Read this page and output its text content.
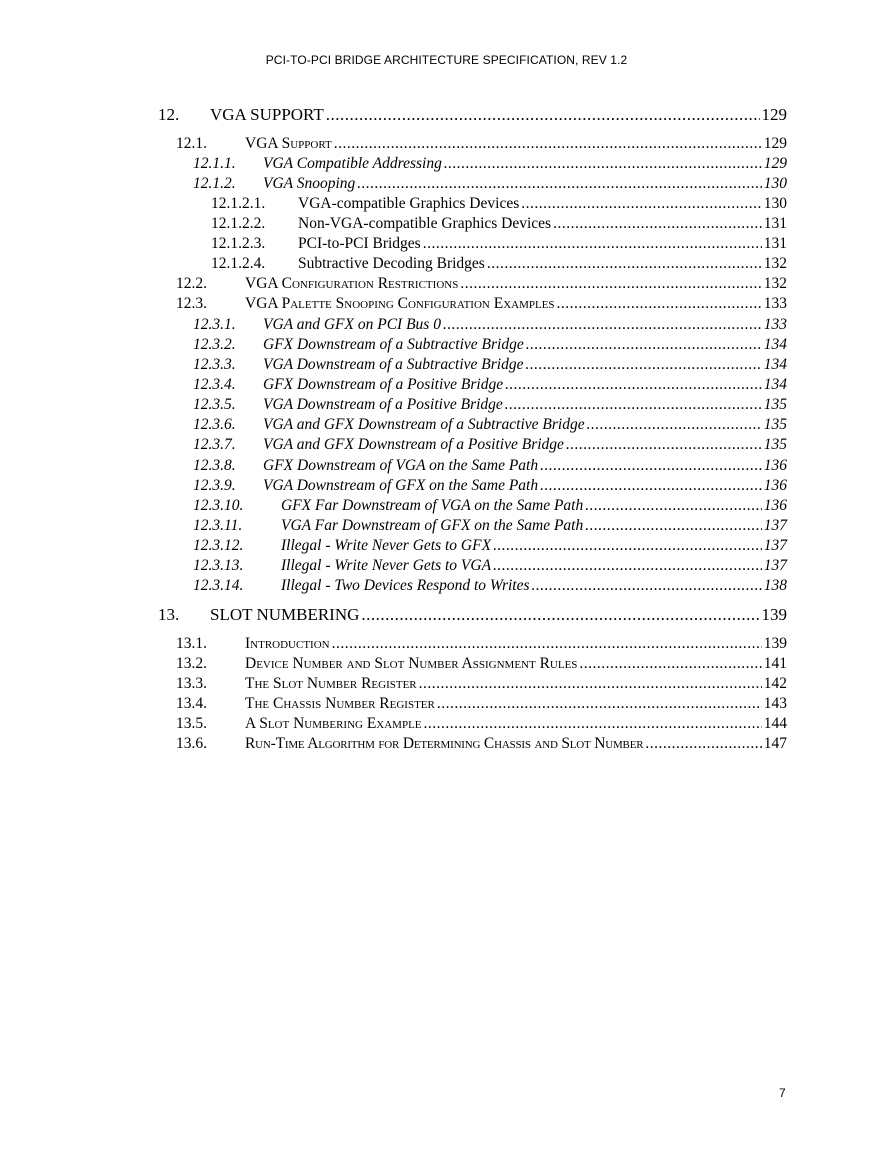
PCI-TO-PCI BRIDGE ARCHITECTURE SPECIFICATION, REV 1.2
12.	VGA SUPPORT .....	129
12.1.	VGA Support .....	129
12.1.1.	VGA Compatible Addressing .....	129
12.1.2.	VGA Snooping .....	130
12.1.2.1.	VGA-compatible Graphics Devices .....	130
12.1.2.2.	Non-VGA-compatible Graphics Devices .....	131
12.1.2.3.	PCI-to-PCI Bridges .....	131
12.1.2.4.	Subtractive Decoding Bridges .....	132
12.2.	VGA Configuration Restrictions .....	132
12.3.	VGA Palette Snooping Configuration Examples .....	133
12.3.1.	VGA and GFX on PCI Bus 0 .....	133
12.3.2.	GFX Downstream of a Subtractive Bridge .....	134
12.3.3.	VGA Downstream of a Subtractive Bridge .....	134
12.3.4.	GFX Downstream of a Positive Bridge .....	134
12.3.5.	VGA Downstream of a Positive Bridge .....	135
12.3.6.	VGA and GFX Downstream of a Subtractive Bridge .....	135
12.3.7.	VGA and GFX Downstream of a Positive Bridge .....	135
12.3.8.	GFX Downstream of VGA on the Same Path .....	136
12.3.9.	VGA Downstream of GFX on the Same Path .....	136
12.3.10.	GFX Far Downstream of VGA on the Same Path .....	136
12.3.11.	VGA Far Downstream of GFX on the Same Path .....	137
12.3.12.	Illegal - Write Never Gets to GFX .....	137
12.3.13.	Illegal - Write Never Gets to VGA .....	137
12.3.14.	Illegal - Two Devices Respond to Writes .....	138
13.	SLOT NUMBERING .....	139
13.1.	Introduction .....	139
13.2.	Device Number and Slot Number Assignment Rules .....	141
13.3.	The Slot Number Register .....	142
13.4.	The Chassis Number Register .....	143
13.5.	A Slot Numbering Example .....	144
13.6.	Run-Time Algorithm for Determining Chassis and Slot Number .....	147
7
